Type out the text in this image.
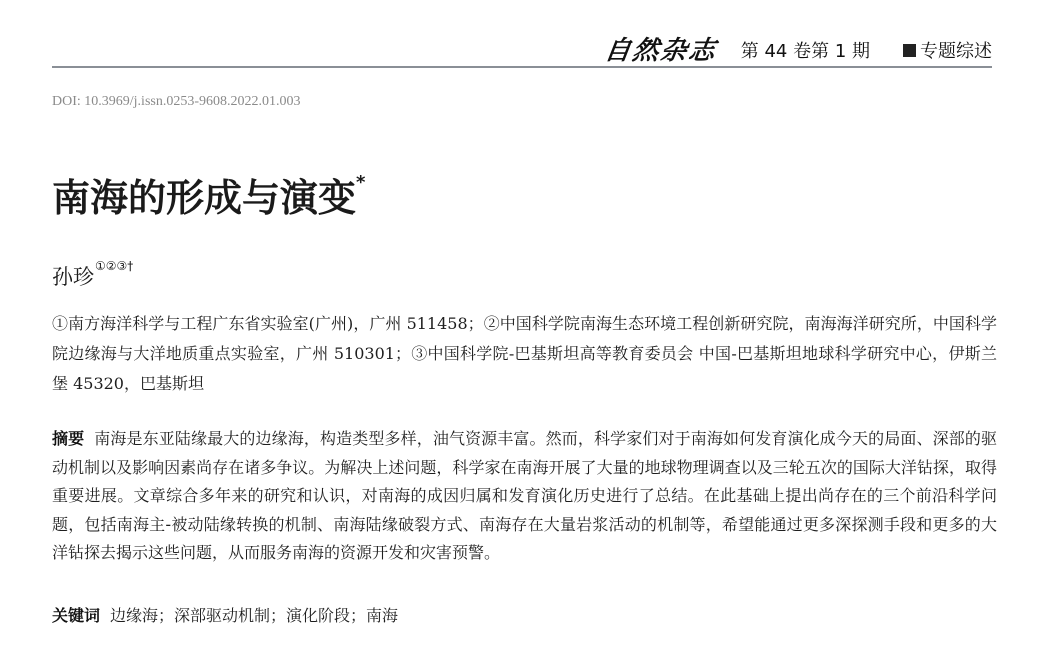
自然杂志 第 44 卷第 1 期	专题综述
DOI: 10.3969/j.issn.0253-9608.2022.01.003
南海的形成与演变*
孙珍①②③†
①南方海洋科学与工程广东省实验室(广州)，广州 511458；②中国科学院南海生态环境工程创新研究院，南海海洋研究所，中国科学院边缘海与大洋地质重点实验室，广州 510301；③中国科学院-巴基斯坦高等教育委员会 中国-巴基斯坦地球科学研究中心，伊斯兰堡 45320，巴基斯坦
摘要 南海是东亚陆缘最大的边缘海，构造类型多样，油气资源丰富。然而，科学家们对于南海如何发育演化成今天的局面、深部的驱动机制以及影响因素尚存在诸多争议。为解决上述问题，科学家在南海开展了大量的地球物理调查以及三轮五次的国际大洋钻探，取得重要进展。文章综合多年来的研究和认识，对南海的成因归属和发育演化历史进行了总结。在此基础上提出尚存在的三个前沿科学问题，包括南海主-被动陆缘转换的机制、南海陆缘破裂方式、南海存在大量岩浆活动的机制等，希望能通过更多深探测手段和更多的大洋钻探去揭示这些问题，从而服务南海的资源开发和灾害预警。
关键词 边缘海；深部驱动机制；演化阶段；南海
